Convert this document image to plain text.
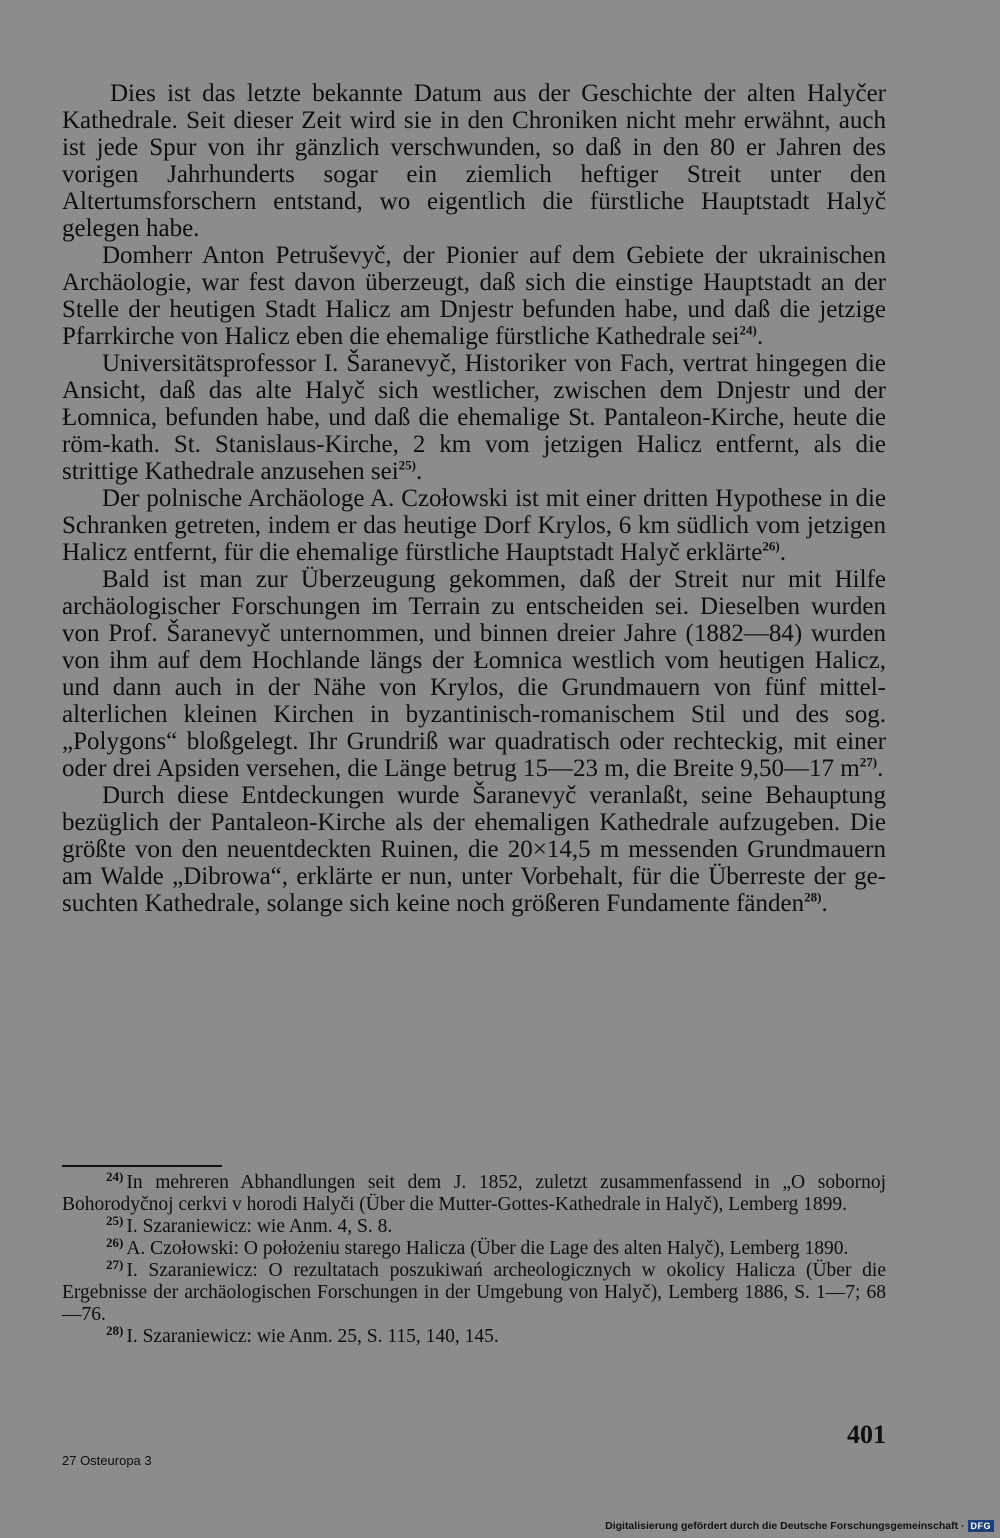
Dies ist das letzte bekannte Datum aus der Geschichte der alten Halyčer Kathedrale. Seit dieser Zeit wird sie in den Chroniken nicht mehr erwähnt, auch ist jede Spur von ihr gänzlich verschwunden, so daß in den 80 er Jahren des vorigen Jahrhunderts sogar ein ziemlich heftiger Streit unter den Altertumsforschern entstand, wo eigentlich die fürstliche Hauptstadt Halyč gelegen habe.

Domherr Anton Petruševyč, der Pionier auf dem Gebiete der ukrainischen Archäologie, war fest davon überzeugt, daß sich die einstige Hauptstadt an der Stelle der heutigen Stadt Halicz am Dnjestr befunden habe, und daß die jetzige Pfarrkirche von Halicz eben die ehemalige fürstliche Kathedrale sei$^{24)}$.

Universitätsprofessor I. Šaranevyč, Historiker von Fach, vertrat hingegen die Ansicht, daß das alte Halyč sich westlicher, zwischen dem Dnjestr und der Łomnica, befunden habe, und daß die ehemalige St. Pantaleon-Kirche, heute die röm-kath. St. Stanislaus-Kirche, 2 km vom jetzigen Halicz entfernt, als die strittige Kathedrale anzusehen sei$^{25)}$.

Der polnische Archäologe A. Czołowski ist mit einer dritten Hypothese in die Schranken getreten, indem er das heutige Dorf Krylos, 6 km südlich vom jetzigen Halicz entfernt, für die ehemalige fürstliche Hauptstadt Halyč erklärte$^{26)}$.

Bald ist man zur Überzeugung gekommen, daß der Streit nur mit Hilfe archäologischer Forschungen im Terrain zu entscheiden sei. Dieselben wurden von Prof. Šaranevyč unternommen, und binnen dreier Jahre (1882—84) wurden von ihm auf dem Hochlande längs der Łomnica westlich vom heutigen Halicz, und dann auch in der Nähe von Krylos, die Grundmauern von fünf mittelalterlichen kleinen Kirchen in byzantinisch-romanischem Stil und des sog. „Polygons“ bloßgelegt. Ihr Grundriß war quadratisch oder rechteckig, mit einer oder drei Apsiden versehen, die Länge betrug 15—23 m, die Breite 9,50—17 $m^{27)}$.

Durch diese Entdeckungen wurde Šaranevyč veranlaßt, seine Behauptung bezüglich der Pantaleon-Kirche als der ehemaligen Kathedrale aufzugeben. Die größte von den neuentdeckten Ruinen, die 20×14,5 m messenden Grundmauern am Walde „Dibrowa“, erklärte er nun, unter Vorbehalt, für die Überreste der gesuchten Kathedrale, solange sich keine noch größeren Fundamente fänden$^{28)}$.

$^{24)}$ In mehreren Abhandlungen seit dem J. 1852, zuletzt zusammenfassend in „O sobornoj Bohorodyčnoj cerkvi v horodi Halyči (Über die Mutter-Gottes-Kathedrale in Halyč), Lemberg 1899.

$^{25)}$ I. Szaraniewicz: wie Anm. 4, S. 8.

$^{26)}$ A. Czołowski: O położeniu starego Halicza (Über die Lage des alten Halyč), Lemberg 1890.

$^{27)}$ I. Szaraniewicz: O rezultatach poszukiwań archeologicznych w okolicy Halicza (Über die Ergebnisse der archäologischen Forschungen in der Umgebung von Halyč), Lemberg 1886, S. 1—7; 68—76.

$^{28)}$ I. Szaraniewicz: wie Anm. 25, S. 115, 140, 145.

401
27 Osteuropa 3
Digitalisierung gefördert durch die Deutsche Forschungsgemeinschaft · DFG
